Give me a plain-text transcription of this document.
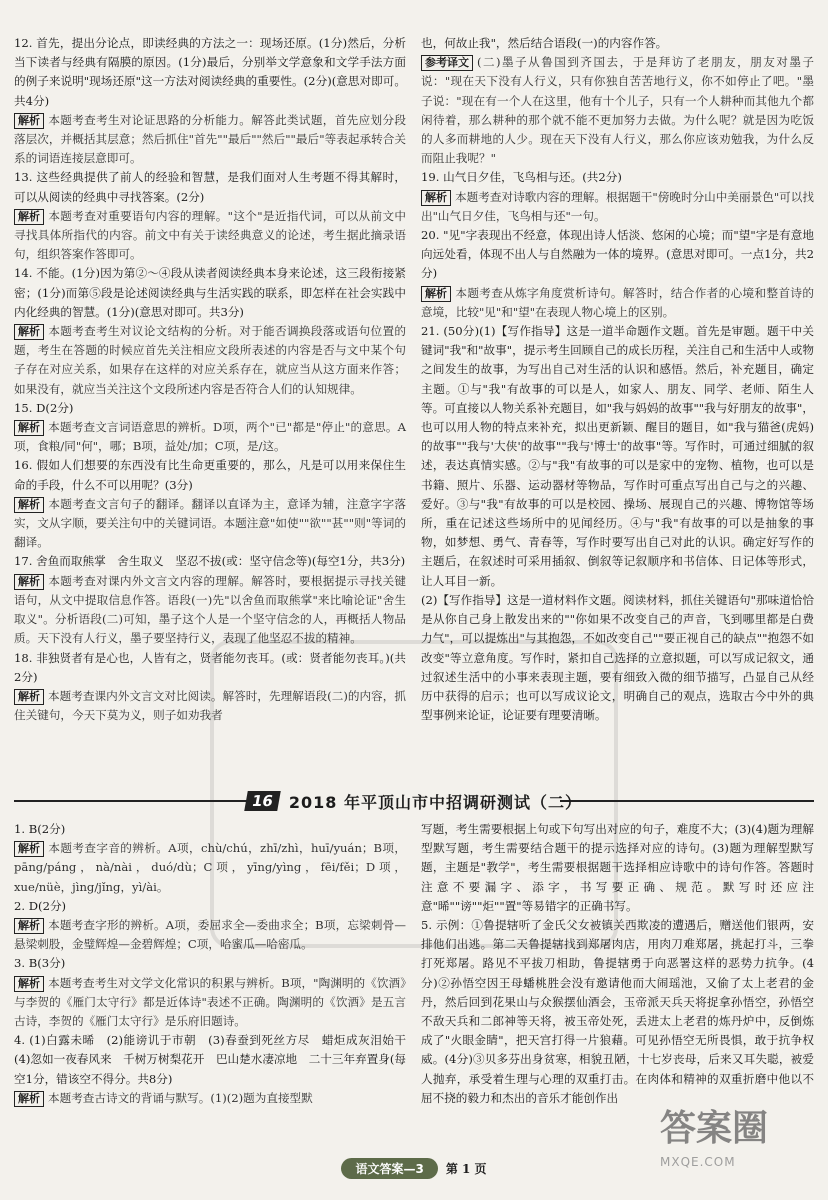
12. 首先，提出分论点，即读经典的方法之一：现场还原。(1分)然后，分析当下读者与经典有隔膜的原因。(1分)最后，分别举文学意象和文学手法方面的例子来说明"现场还原"这一方法对阅读经典的重要性。(2分)(意思对即可。共4分)
解析 本题考查考生对论证思路的分析能力。解答此类试题，首先应划分段落层次，并概括其层意；然后抓住"首先""最后""然后""最后"等表起承转合关系的词语连接层意即可。
13. 这些经典提供了前人的经验和智慧，是我们面对人生考题不得其解时，可以从阅读的经典中寻找答案。(2分)
解析 本题考查对重要语句内容的理解。"这个"是近指代词，可以从前文中寻找具体所指代的内容。前文中有关于读经典意义的论述，考生据此摘录语句，组织答案作答即可。
14. 不能。(1分)因为第②～④段从读者阅读经典本身来论述，这三段衔接紧密；(1分)而第⑤段是论述阅读经典与生活实践的联系，即怎样在社会实践中内化经典的智慧。(1分)(意思对即可。共3分)
解析 本题考查考生对议论文结构的分析。对于能否调换段落或语句位置的题，考生在答题的时候应首先关注相应文段所表述的内容是否与文中某个句子存在对应关系，如果存在这样的对应关系存在，就应当从这方面来作答；如果没有，就应当关注这个文段所述内容是否符合人们的认知规律。
15. D(2分)
解析 本题考查文言词语意思的辨析。D项，两个"已"都是"停止"的意思。A项，食粮/同"何"，哪；B项，益处/加；C项，是/这。
16. 假如人们想要的东西没有比生命更重要的，那么，凡是可以用来保住生命的手段，什么不可以用呢？(3分)
解析 本题考查文言句子的翻译。翻译以直译为主，意译为辅，注意字字落实，文从字顺，要关注句中的关键词语。本题注意"如使""欲""甚""则"等词的翻译。
17. 舍鱼而取熊掌　舍生取义　坚忍不拔(或：坚守信念等)(每空1分，共3分)
解析 本题考查对课内外文言文内容的理解。解答时，要根据提示寻找关键语句，从文中提取信息作答。语段(一)先"以舍鱼而取熊掌"来比喻论证"舍生取义"。分析语段(二)可知，墨子这个人是一个坚守信念的人，再概括人物品质。天下没有人行义，墨子要坚持行义，表现了他坚忍不拔的精神。
18. 非独贤者有是心也，人皆有之，贤者能勿丧耳。(或：贤者能勿丧耳。)(共2分)
解析 本题考查课内外文言文对比阅读。解答时，先理解语段(二)的内容，抓住关键句，今天下莫为义，则子如劝我者
也，何故止我"，然后结合语段(一)的内容作答。
参考译文 (二)墨子从鲁国到齐国去，于是拜访了老朋友，朋友对墨子说："现在天下没有人行义，只有你独自苦苦地行义，你不如停止了吧。"墨子说："现在有一个人在这里，他有十个儿子，只有一个人耕种而其他九个都闲待着，那么耕种的那个就不能不更加努力去做。为什么呢？就是因为吃饭的人多而耕地的人少。现在天下没有人行义，那么你应该劝勉我，为什么反而阻止我呢？"
19. 山气日夕佳，飞鸟相与还。(共2分)
解析 本题考查对诗歌内容的理解。根据题干"傍晚时分山中美丽景色"可以找出"山气日夕佳，飞鸟相与还"一句。
20. "见"字表现出不经意，体现出诗人恬淡、悠闲的心境；而"望"字是有意地向远处看，体现不出人与自然融为一体的境界。(意思对即可。一点1分，共2分)
解析 本题考查从炼字角度赏析诗句。解答时，结合作者的心境和整首诗的意境，比较"见"和"望"在表现人物心境上的区别。
21. (50分)(1)【写作指导】这是一道半命题作文题。首先是审题。题干中关键词"我"和"故事"，提示考生回顾自己的成长历程，关注自己和生活中人或物之间发生的故事，为写出自己对生活的认识和感悟。然后，补充题目，确定主题。①与"我"有故事的可以是人，如家人、朋友、同学、老师、陌生人等。可直接以人物关系补充题目，如"我与妈妈的故事""我与好朋友的故事"，也可以用人物的特点来补充，拟出更新颖、醒目的题目，如"我与猫爸(虎妈)的故事""我与'大侠'的故事""我与'博士'的故事"等。写作时，可通过细腻的叙述，表达真情实感。②与"我"有故事的可以是家中的宠物、植物，也可以是书籍、照片、乐器、运动器材等物品，写作时可重点写出自己与之的兴趣、爱好。③与"我"有故事的可以是校园、操场、展现自己的兴趣、博物馆等场所，重在记述这些场所中的见闻经历。④与"我"有故事的可以是抽象的事物，如梦想、勇气、青春等，写作时要写出自己对此的认识。确定好写作的主题后，在叙述时可采用插叙、倒叙等记叙顺序和书信体、日记体等形式，让人耳目一新。
(2)【写作指导】这是一道材料作文题。阅读材料，抓住关键语句"那味道恰恰是从你自己身上散发出来的""你如果不改变自己的声音，飞到哪里都是白费力气"，可以提炼出"与其抱怨，不如改变自己""要正视自己的缺点""抱怨不如改变"等立意角度。写作时，紧扣自己选择的立意拟题，可以写成记叙文，通过叙述生活中的小事来表现主题，要有细致入微的细节描写，凸显自己从经历中获得的启示；也可以写成议论文，明确自己的观点，选取古今中外的典型事例来论证，论证要有理要清晰。
16 2018 年平顶山市中招调研测试（二）
1. B(2分)
解析 本题考查字音的辨析。A项，chù/chú，zhī/zhì，huī/yuán；B项，pāng/páng，nà/nài，duó/dù；C项，yīng/yìng，fēi/fěi；D项，xue/nüè，jìng/jǐng，yì/ài。
2. D(2分)
解析 本题考查字形的辨析。A项，委屈求全—委曲求全；B项，忘梁刺骨—悬梁刺股，金璧辉煌—金碧辉煌；C项，哈蜜瓜—哈密瓜。
3. B(3分)
解析 本题考查考生对文学文化常识的积累与辨析。B项，"陶渊明的《饮酒》与李贺的《雁门太守行》都是近体诗"表述不正确。陶渊明的《饮酒》是五言古诗，李贺的《雁门太守行》是乐府旧题诗。
4. (1)白露未晞　(2)能谤讥于市朝　(3)春蚕到死丝方尽　蜡炬成灰泪始干　(4)忽如一夜春风来　千树万树梨花开　巴山楚水凄凉地　二十三年弃置身(每空1分，错该空不得分。共8分)
解析 本题考查古诗文的背诵与默写。(1)(2)题为直接型默
写题，考生需要根据上句或下句写出对应的句子，难度不大；(3)(4)题为理解型默写题，考生需要结合题干的提示选择对应的诗句。(3)题为理解型默写题，主题是"教学"，考生需要根据题干选择相应诗歌中的诗句作答。答题时注意不要漏字、添字，书写要正确、规范。默写时还应注意"晞""谤""炬""置"等易错字的正确书写。
5. 示例：①鲁提辖听了金氏父女被镇关西欺凌的遭遇后，赠送他们银两，安排他们出逃。第二天鲁提辖找到郑屠肉店，用肉刀难郑屠，挑起打斗，三拳打死郑屠。路见不平拔刀相助，鲁提辖勇于向恶署这样的恶势力抗争。(4分)②孙悟空因王母蟠桃胜会没有邀请他而大闹瑶池，又偷了太上老君的金丹，然后回到花果山与众猴摆仙酒会，玉帝派天兵天将捉拿孙悟空，孙悟空不敌天兵和二郎神等天将，被玉帝处死，丢进太上老君的炼丹炉中，反倒炼成了"火眼金睛"，把天宫打得一片狼藉。可见孙悟空无所畏惧，敢于抗争权威。(4分)③贝多芬出身贫寒，相貌丑陋，十七岁丧母，后来又耳失聪，被爱人抛弃，承受着生理与心理的双重打击。在肉体和精神的双重折磨中他以不屈不挠的毅力和杰出的音乐才能创作出
语文答案—3	第 1 页
答案圈
MXQE.COM
